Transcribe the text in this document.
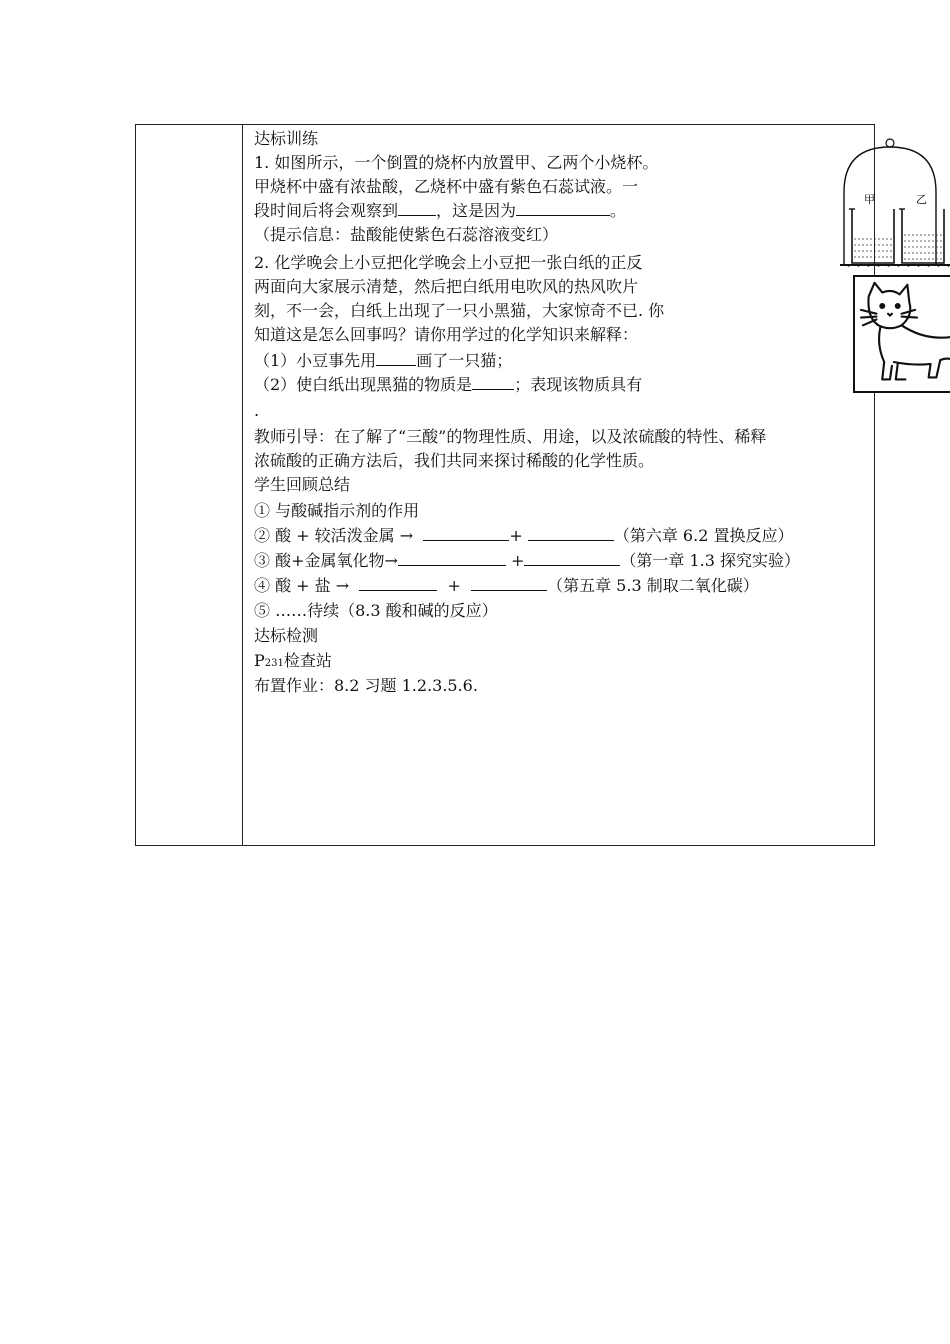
达标训练
1. 如图所示，一个倒置的烧杯内放置甲、乙两个小烧杯。
甲烧杯中盛有浓盐酸，乙烧杯中盛有紫色石蕊试液。一
段时间后将会观察到 ，这是因为	。
（提示信息：盐酸能使紫色石蕊溶液变红）
2. 化学晚会上小豆把化学晚会上小豆把一张白纸的正反
两面向大家展示清楚，然后把白纸用电吹风的热风吹片
刻，不一会，白纸上出现了一只小黑猫，大家惊奇不已. 你
知道这是怎么回事吗？请你用学过的化学知识来解释：
（1）小豆事先用	画了一只猫；
（2）使白纸出现黑猫的物质是	；表现该物质具有
.
教师引导：在了解了“三酸”的物理性质、用途，以及浓硫酸的特性、稀释
浓硫酸的正确方法后，我们共同来探讨稀酸的化学性质。
学生回顾总结
① 与酸碱指示剂的作用
② 酸 + 较活泼金属 →	+	（第六章 6.2 置换反应）
③ 酸+金属氧化物→	+	（第一章 1.3 探究实验）
④ 酸 + 盐 →	+	（第五章 5.3 制取二氧化碳）
⑤ ……待续（8.3 酸和碱的反应）
达标检测
P231检查站
布置作业：8.2 习题 1.2.3.5.6.
甲	乙
